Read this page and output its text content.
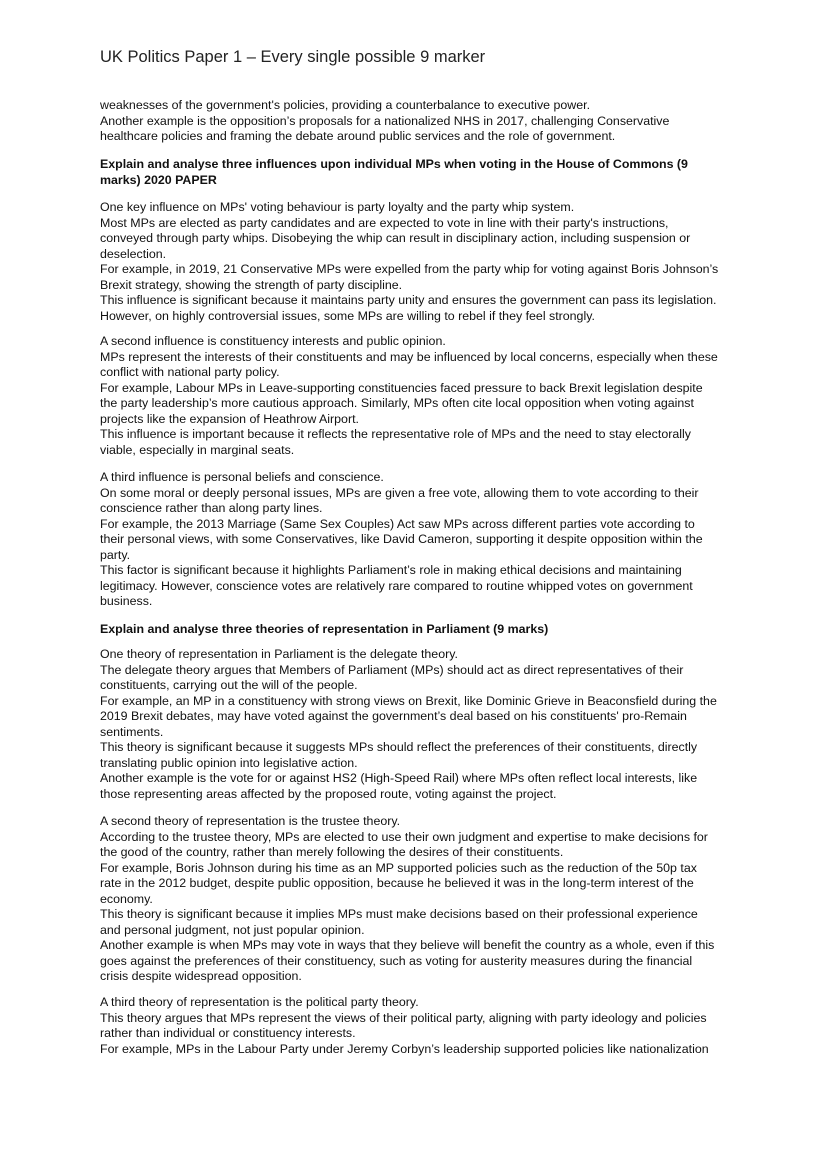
UK Politics Paper 1 – Every single possible 9 marker
weaknesses of the government's policies, providing a counterbalance to executive power.
Another example is the opposition’s proposals for a nationalized NHS in 2017, challenging Conservative
healthcare policies and framing the debate around public services and the role of government.
Explain and analyse three influences upon individual MPs when voting in the House of Commons (9
marks) 2020 PAPER
One key influence on MPs' voting behaviour is party loyalty and the party whip system.
Most MPs are elected as party candidates and are expected to vote in line with their party's instructions,
conveyed through party whips. Disobeying the whip can result in disciplinary action, including suspension or
deselection.
For example, in 2019, 21 Conservative MPs were expelled from the party whip for voting against Boris Johnson’s
Brexit strategy, showing the strength of party discipline.
This influence is significant because it maintains party unity and ensures the government can pass its legislation.
However, on highly controversial issues, some MPs are willing to rebel if they feel strongly.
A second influence is constituency interests and public opinion.
MPs represent the interests of their constituents and may be influenced by local concerns, especially when these
conflict with national party policy.
For example, Labour MPs in Leave-supporting constituencies faced pressure to back Brexit legislation despite
the party leadership’s more cautious approach. Similarly, MPs often cite local opposition when voting against
projects like the expansion of Heathrow Airport.
This influence is important because it reflects the representative role of MPs and the need to stay electorally
viable, especially in marginal seats.
A third influence is personal beliefs and conscience.
On some moral or deeply personal issues, MPs are given a free vote, allowing them to vote according to their
conscience rather than along party lines.
For example, the 2013 Marriage (Same Sex Couples) Act saw MPs across different parties vote according to
their personal views, with some Conservatives, like David Cameron, supporting it despite opposition within the
party.
This factor is significant because it highlights Parliament’s role in making ethical decisions and maintaining
legitimacy. However, conscience votes are relatively rare compared to routine whipped votes on government
business.
Explain and analyse three theories of representation in Parliament (9 marks)
One theory of representation in Parliament is the delegate theory.
The delegate theory argues that Members of Parliament (MPs) should act as direct representatives of their
constituents, carrying out the will of the people.
For example, an MP in a constituency with strong views on Brexit, like Dominic Grieve in Beaconsfield during the
2019 Brexit debates, may have voted against the government’s deal based on his constituents' pro-Remain
sentiments.
This theory is significant because it suggests MPs should reflect the preferences of their constituents, directly
translating public opinion into legislative action.
Another example is the vote for or against HS2 (High-Speed Rail) where MPs often reflect local interests, like
those representing areas affected by the proposed route, voting against the project.
A second theory of representation is the trustee theory.
According to the trustee theory, MPs are elected to use their own judgment and expertise to make decisions for
the good of the country, rather than merely following the desires of their constituents.
For example, Boris Johnson during his time as an MP supported policies such as the reduction of the 50p tax
rate in the 2012 budget, despite public opposition, because he believed it was in the long-term interest of the
economy.
This theory is significant because it implies MPs must make decisions based on their professional experience
and personal judgment, not just popular opinion.
Another example is when MPs may vote in ways that they believe will benefit the country as a whole, even if this
goes against the preferences of their constituency, such as voting for austerity measures during the financial
crisis despite widespread opposition.
A third theory of representation is the political party theory.
This theory argues that MPs represent the views of their political party, aligning with party ideology and policies
rather than individual or constituency interests.
For example, MPs in the Labour Party under Jeremy Corbyn’s leadership supported policies like nationalization
